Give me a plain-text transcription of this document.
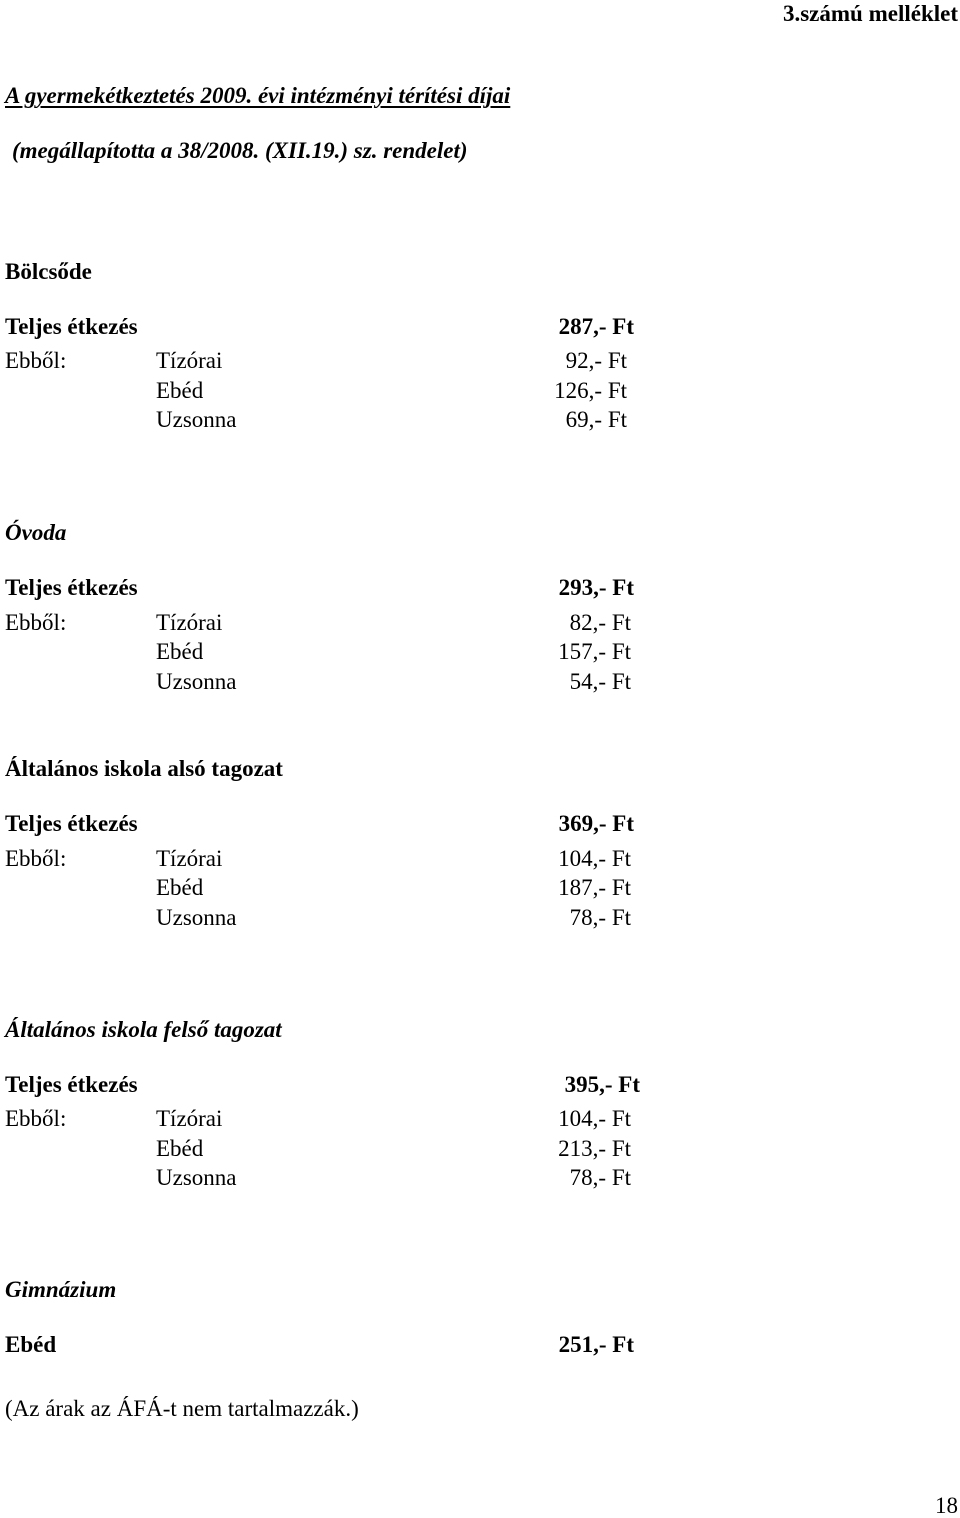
3.számú melléklet
A gyermekétkeztetés 2009. évi intézményi térítési díjai
(megállapította a 38/2008. (XII.19.) sz. rendelet)
Bölcsőde
Teljes étkezés	287,- Ft
Ebből:	Tízórai	92,- Ft
Ebéd	126,- Ft
Uzsonna	69,- Ft
Óvoda
Teljes étkezés	293,- Ft
Ebből:	Tízórai	82,- Ft
Ebéd	157,- Ft
Uzsonna	54,- Ft
Általános iskola alsó tagozat
Teljes étkezés	369,- Ft
Ebből:	Tízórai	104,- Ft
Ebéd	187,- Ft
Uzsonna	78,- Ft
Általános iskola felső tagozat
Teljes étkezés	395,- Ft
Ebből:	Tízórai	104,- Ft
Ebéd	213,- Ft
Uzsonna	78,- Ft
Gimnázium
Ebéd	251,- Ft
(Az árak az ÁFÁ-t nem tartalmazzák.)
18
